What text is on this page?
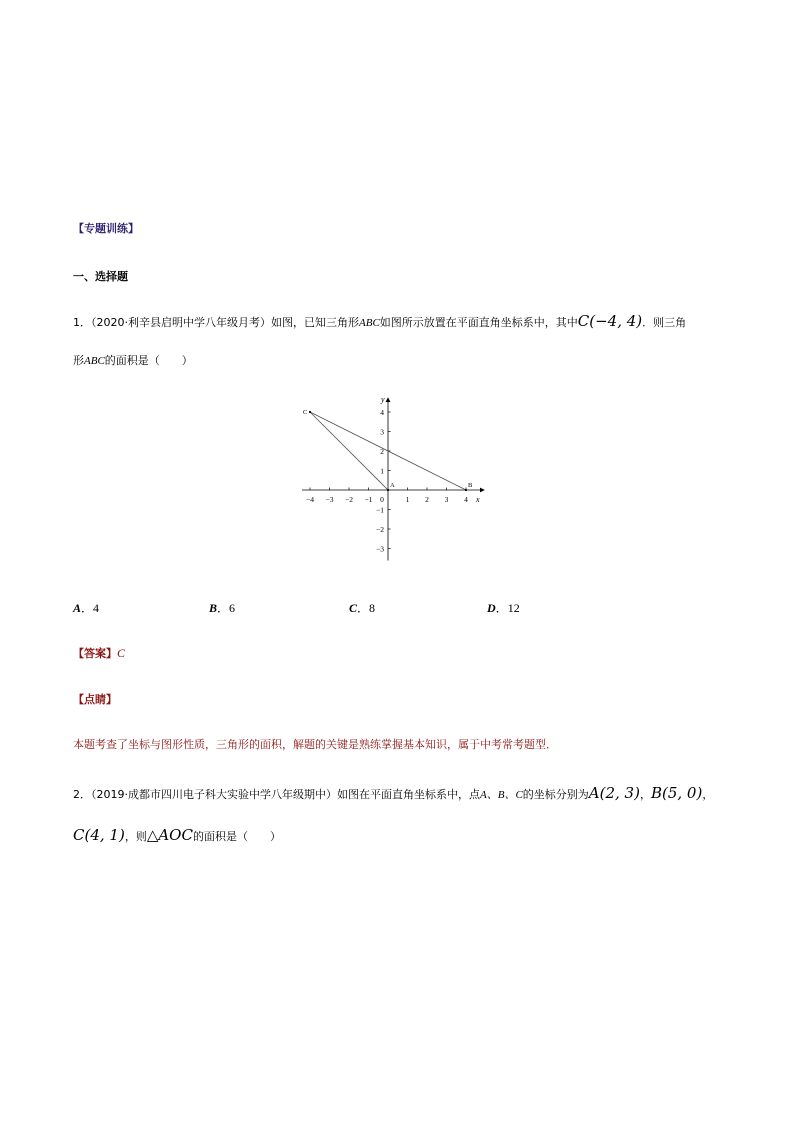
【专题训练】
一、选择题
1．（2020·利辛县启明中学八年级月考）如图，已知三角形ABC如图所示放置在平面直角坐标系中，其中C(−4, 4)．则三角
形ABC的面积是（　　）
x
y
−4 −3 −2 −1 0	1 2 3 4
4
3
2
1
−1
−2
−3
C
A	B
A．4	B．6	C．8	D．12
【答案】C
【点睛】
本题考查了坐标与图形性质，三角形的面积，解题的关键是熟练掌握基本知识，属于中考常考题型．
2．（2019·成都市四川电子科大实验中学八年级期中）如图在平面直角坐标系中，点A、B、C的坐标分别为A(2, 3)，B(5, 0)，
C(4, 1)，则△AOC的面积是（　　）
